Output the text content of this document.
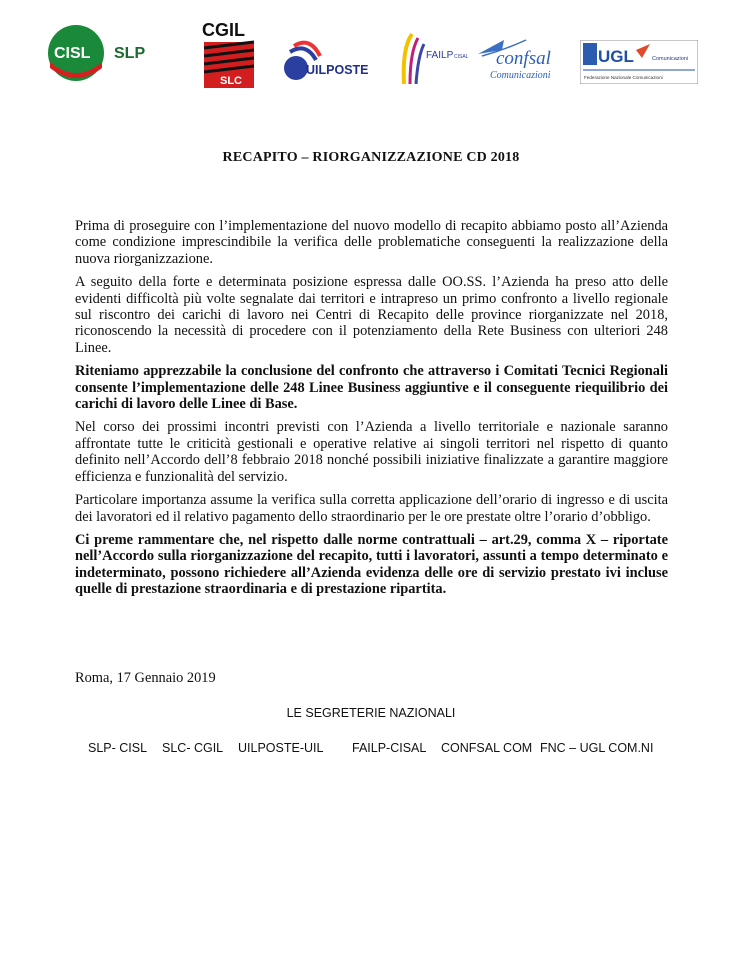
CISL SLP
CGIL
SLC
UILPOSTE
FAILP CISAL confsal
Comunicazioni
UGL	Comunicazioni
Federazione Nazionale Comunicazioni
RECAPITO – RIORGANIZZAZIONE CD 2018

Prima di proseguire con l’implementazione del nuovo modello di recapito abbiamo posto all’Azienda come condizione imprescindibile la verifica delle problematiche conseguenti la realizzazione della nuova riorganizzazione.

A seguito della forte e determinata posizione espressa dalle OO.SS. l’Azienda ha preso atto delle evidenti difficoltà più volte segnalate dai territori e intrapreso un primo confronto a livello regionale sul riscontro dei carichi di lavoro nei Centri di Recapito delle province riorganizzate nel 2018, riconoscendo la necessità di procedere con il potenziamento della Rete Business con ulteriori 248 Linee.

Riteniamo apprezzabile la conclusione del confronto che attraverso i Comitati Tecnici Regionali consente l’implementazione delle 248 Linee Business aggiuntive e il conseguente riequilibrio dei carichi di lavoro delle Linee di Base.

Nel corso dei prossimi incontri previsti con l’Azienda a livello territoriale e nazionale saranno affrontate tutte le criticità gestionali e operative relative ai singoli territori nel rispetto di quanto definito nell’Accordo dell’8 febbraio 2018 nonché possibili iniziative finalizzate a garantire maggiore efficienza e funzionalità del servizio.

Particolare importanza assume la verifica sulla corretta applicazione dell’orario di ingresso e di uscita dei lavoratori ed il relativo pagamento dello straordinario per le ore prestate oltre l’orario d’obbligo.

Ci preme rammentare che, nel rispetto dalle norme contrattuali – art.29, comma X – riportate nell’Accordo sulla riorganizzazione del recapito, tutti i lavoratori, assunti a tempo determinato e indeterminato, possono richiedere all’Azienda evidenza delle ore di servizio prestato ivi incluse quelle di prestazione straordinaria e di prestazione ripartita.

Roma, 17 Gennaio 2019
LE SEGRETERIE NAZIONALI
SLP- CISL SLC- CGIL UILPOSTE-UIL FAILP-CISAL CONFSAL COM FNC – UGL COM.NI
